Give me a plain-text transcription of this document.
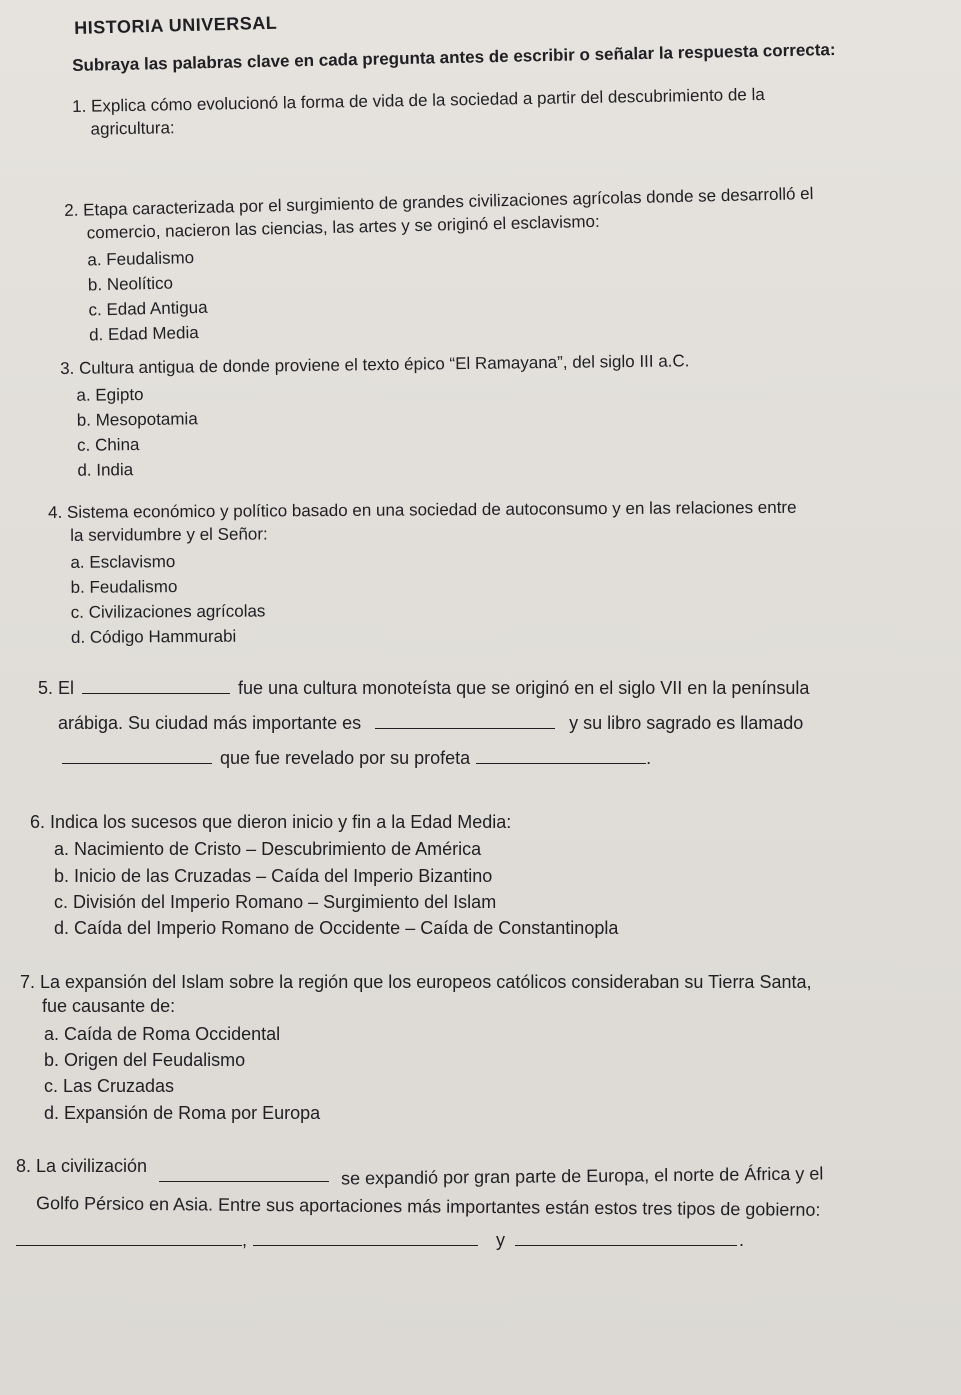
HISTORIA UNIVERSAL
Subraya las palabras clave en cada pregunta antes de escribir o señalar la respuesta correcta:

1. Explica cómo evolucionó la forma de vida de la sociedad a partir del descubrimiento de la

agricultura:

2. Etapa caracterizada por el surgimiento de grandes civilizaciones agrícolas donde se desarrolló el

comercio, nacieron las ciencias, las artes y se originó el esclavismo:

a. Feudalismo
b. Neolítico
c. Edad Antigua
d. Edad Media

3. Cultura antigua de donde proviene el texto épico “El Ramayana”, del siglo III a.C.

a. Egipto
b. Mesopotamia
c. China
d. India

4. Sistema económico y político basado en una sociedad de autoconsumo y en las relaciones entre

la servidumbre y el Señor:

a. Esclavismo
b. Feudalismo
c. Civilizaciones agrícolas
d. Código Hammurabi
5. El	fue una cultura monoteísta que se originó en el siglo VII en la península
arábiga. Su ciudad más importante es	y su libro sagrado es llamado
que fue revelado por su profeta	.

6. Indica los sucesos que dieron inicio y fin a la Edad Media:

a. Nacimiento de Cristo – Descubrimiento de América
b. Inicio de las Cruzadas – Caída del Imperio Bizantino
c. División del Imperio Romano – Surgimiento del Islam
d. Caída del Imperio Romano de Occidente – Caída de Constantinopla

7. La expansión del Islam sobre la región que los europeos católicos consideraban su Tierra Santa,

fue causante de:

a. Caída de Roma Occidental
b. Origen del Feudalismo
c. Las Cruzadas
d. Expansión de Roma por Europa
8. La civilización	se expandió por gran parte de Europa, el norte de África y el
Golfo Pérsico en Asia. Entre sus aportaciones más importantes están estos tres tipos de gobierno:
,	y	.
